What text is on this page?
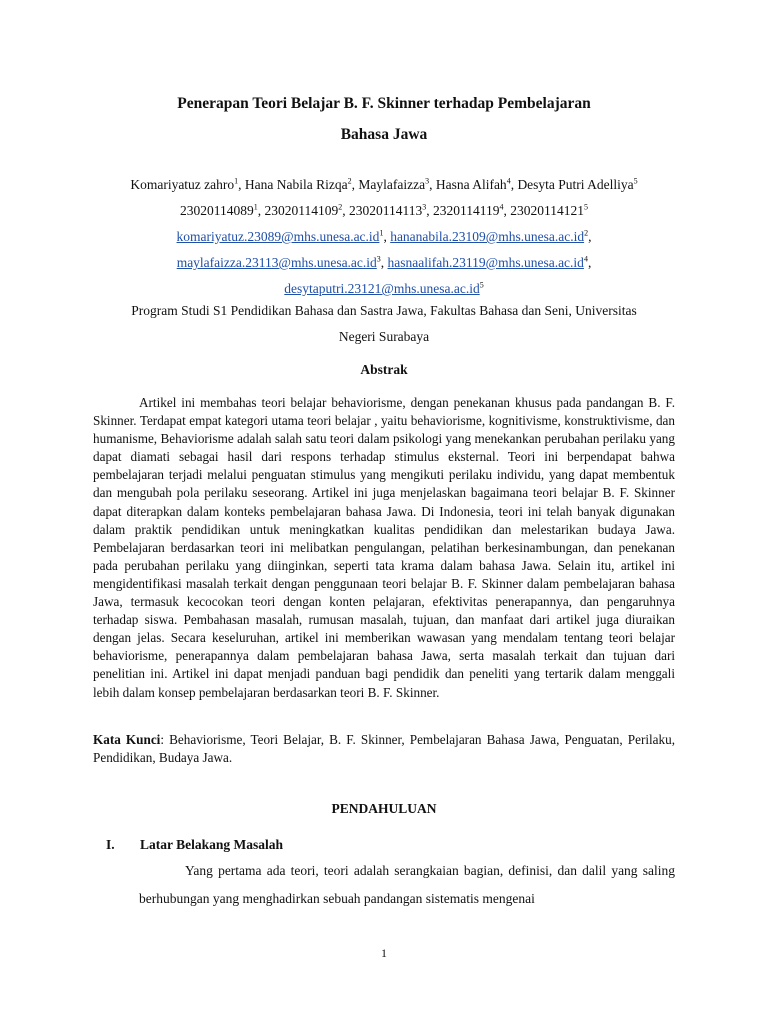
Penerapan Teori Belajar B. F. Skinner terhadap Pembelajaran
Bahasa Jawa
Komariyatuz zahro$^1$, Hana Nabila Rizqa$^2$, Maylafaizza$^3$, Hasna Alifah$^4$, Desyta Putri Adelliya$^5$
23020114089$^1$, 23020114109$^2$, 23020114113$^3$, 2320114119$^4$, 23020114121$^5$
$komariyatuz.23089@mhs.unesa.ac.id^1$, $hananabila.23109@mhs.unesa.ac.id^2$,
$maylafaizza.23113@mhs.unesa.ac.id^3$, $hasnaalifah.23119@mhs.unesa.ac.id^4$,
$desytaputri.23121@mhs.unesa.ac.id^5$
Program Studi S1 Pendidikan Bahasa dan Sastra Jawa, Fakultas Bahasa dan Seni, Universitas
Negeri Surabaya
Abstrak

Artikel ini membahas teori belajar behaviorisme, dengan penekanan khusus pada pandangan B. F. Skinner. Terdapat empat kategori utama teori belajar , yaitu behaviorisme, kognitivisme, konstruktivisme, dan humanisme, Behaviorisme adalah salah satu teori dalam psikologi yang menekankan perubahan perilaku yang dapat diamati sebagai hasil dari respons terhadap stimulus eksternal. Teori ini berpendapat bahwa pembelajaran terjadi melalui penguatan stimulus yang mengikuti perilaku individu, yang dapat membentuk dan mengubah pola perilaku seseorang. Artikel ini juga menjelaskan bagaimana teori belajar B. F. Skinner dapat diterapkan dalam konteks pembelajaran bahasa Jawa. Di Indonesia, teori ini telah banyak digunakan dalam praktik pendidikan untuk meningkatkan kualitas pendidikan dan melestarikan budaya Jawa. Pembelajaran berdasarkan teori ini melibatkan pengulangan, pelatihan berkesinambungan, dan penekanan pada perubahan perilaku yang diinginkan, seperti tata krama dalam bahasa Jawa. Selain itu, artikel ini mengidentifikasi masalah terkait dengan penggunaan teori belajar B. F. Skinner dalam pembelajaran bahasa Jawa, termasuk kecocokan teori dengan konten pelajaran, efektivitas penerapannya, dan pengaruhnya terhadap siswa. Pembahasan masalah, rumusan masalah, tujuan, dan manfaat dari artikel juga diuraikan dengan jelas. Secara keseluruhan, artikel ini memberikan wawasan yang mendalam tentang teori belajar behaviorisme, penerapannya dalam pembelajaran bahasa Jawa, serta masalah terkait dan tujuan dari penelitian ini. Artikel ini dapat menjadi panduan bagi pendidik dan peneliti yang tertarik dalam menggali lebih dalam konsep pembelajaran berdasarkan teori B. F. Skinner.

Kata Kunci: Behaviorisme, Teori Belajar, B. F. Skinner, Pembelajaran Bahasa Jawa, Penguatan, Perilaku, Pendidikan, Budaya Jawa.

PENDAHULUAN
I. Latar Belakang Masalah

Yang pertama ada teori, teori adalah serangkaian bagian, definisi, dan dalil yang saling berhubungan yang menghadirkan sebuah pandangan sistematis mengenai

1
